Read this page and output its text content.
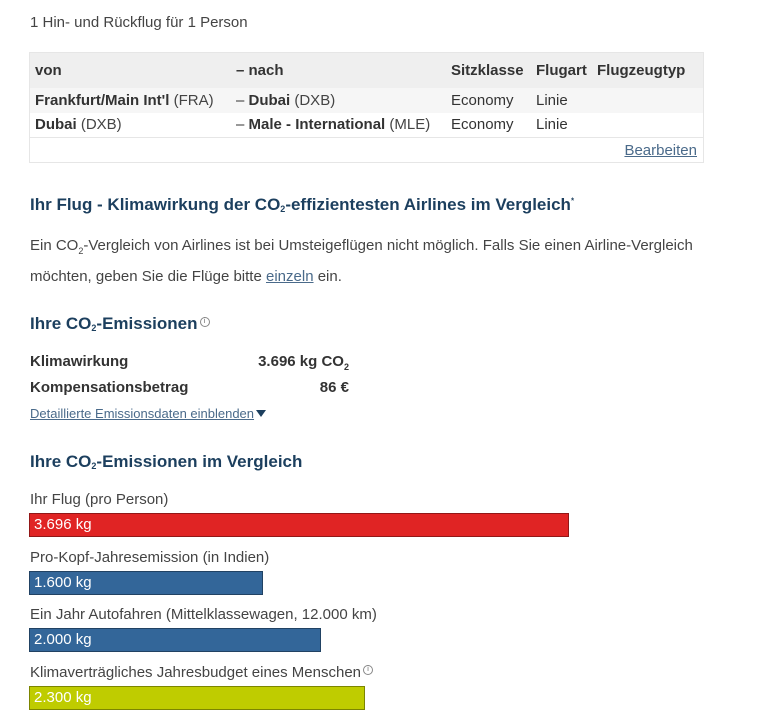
1 Hin- und Rückflug für 1 Person
von	– nach	Sitzklasse	Flugart	Flugzeugtyp
Frankfurt/Main Int'l (FRA)	– Dubai (DXB)	Economy	Linie	
Dubai (DXB)	– Male - International (MLE)	Economy	Linie	
Bearbeiten				
Ihr Flug - Klimawirkung der $CO_2$-effizientesten Airlines im Vergleich*
Ein $CO_2$-Vergleich von Airlines ist bei Umsteigeflügen nicht möglich. Falls Sie einen Airline-Vergleich möchten, geben Sie die Flüge bitte einzeln ein.
Ihre $CO_2$-Emissionen i
Klimawirkung	3.696 kg $CO_2$
Kompensationsbetrag	86 €
Detaillierte Emissionsdaten einblenden
Ihre $CO_2$-Emissionen im Vergleich
Ihr Flug (pro Person)
3.696 kg
Pro-Kopf-Jahresemission (in Indien)
1.600 kg
Ein Jahr Autofahren (Mittelklassewagen, 12.000 km)
2.000 kg
Klimaverträgliches Jahresbudget eines Menschen i
2.300 kg
